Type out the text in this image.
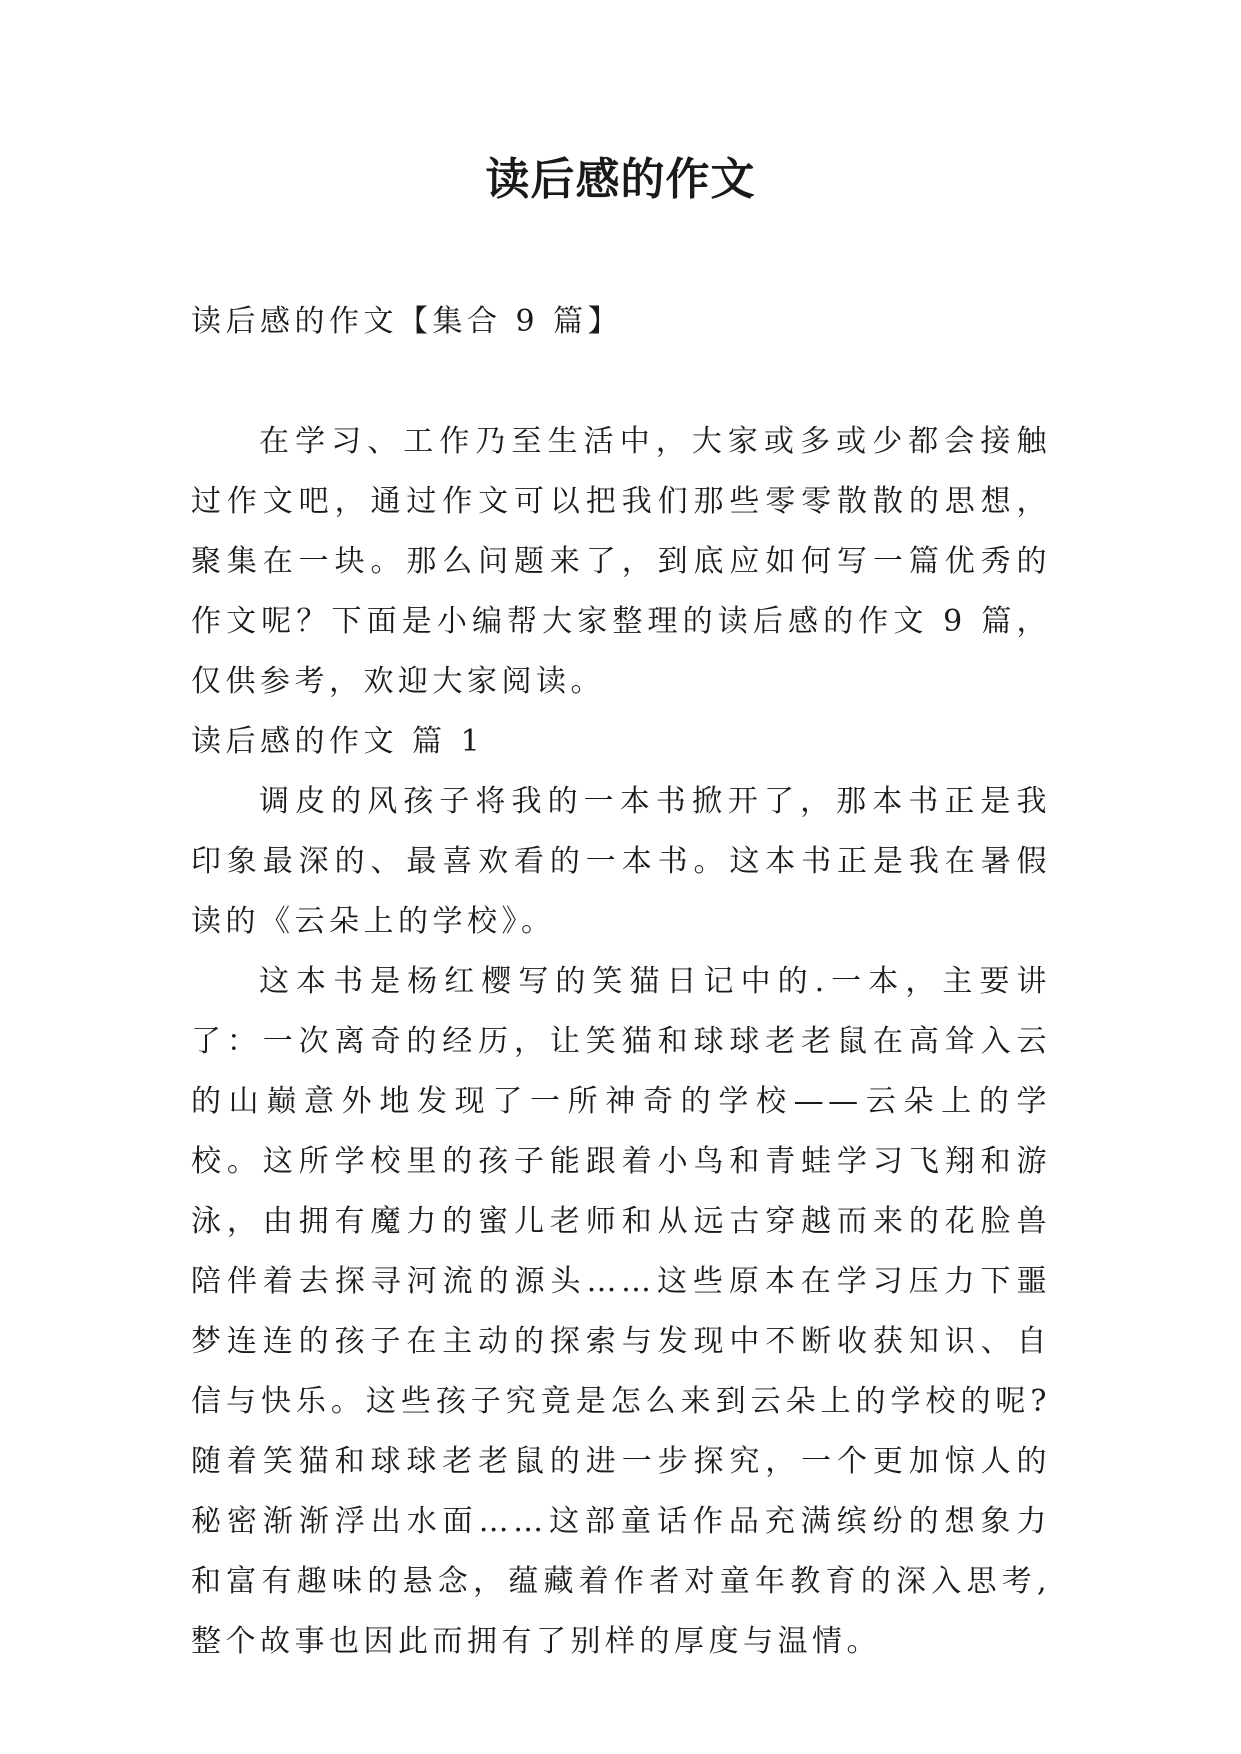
读后感的作文

读后感的作文【集合 9 篇】

在学习、工作乃至生活中，大家或多或少都会接触过作文吧，通过作文可以把我们那些零零散散的思想，聚集在一块。那么问题来了，到底应如何写一篇优秀的作文呢？下面是小编帮大家整理的读后感的作文 9 篇，仅供参考，欢迎大家阅读。

读后感的作文 篇 1

调皮的风孩子将我的一本书掀开了，那本书正是我印象最深的、最喜欢看的一本书。这本书正是我在暑假读的《云朵上的学校》。

这本书是杨红樱写的笑猫日记中的.一本，主要讲了：一次离奇的经历，让笑猫和球球老老鼠在高耸入云的山巅意外地发现了一所神奇的学校——云朵上的学校。这所学校里的孩子能跟着小鸟和青蛙学习飞翔和游泳，由拥有魔力的蜜儿老师和从远古穿越而来的花脸兽陪伴着去探寻河流的源头……这些原本在学习压力下噩梦连连的孩子在主动的探索与发现中不断收获知识、自信与快乐。这些孩子究竟是怎么来到云朵上的学校的呢?随着笑猫和球球老老鼠的进一步探究，一个更加惊人的秘密渐渐浮出水面……这部童话作品充满缤纷的想象力和富有趣味的悬念，蕴藏着作者对童年教育的深入思考,整个故事也因此而拥有了别样的厚度与温情。
